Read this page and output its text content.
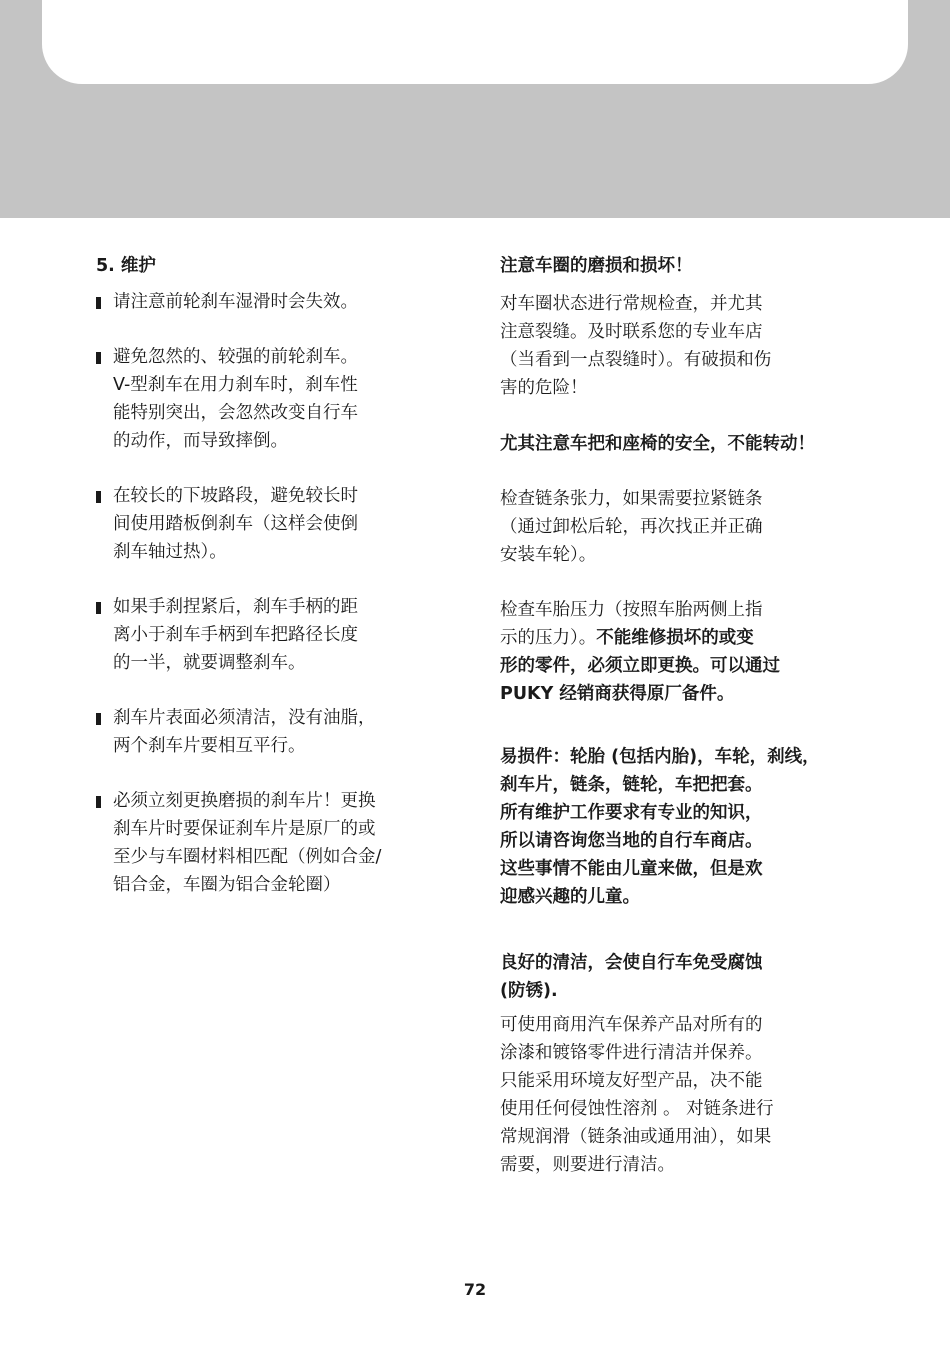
5. 维护
请注意前轮刹车湿滑时会失效。
避免忽然的、较强的前轮刹车。
V-型刹车在用力刹车时，刹车性
能特别突出，会忽然改变自行车
的动作，而导致摔倒。
在较长的下坡路段，避免较长时
间使用踏板倒刹车（这样会使倒
刹车轴过热）。
如果手刹捏紧后，刹车手柄的距
离小于刹车手柄到车把路径长度
的一半，就要调整刹车。
刹车片表面必须清洁，没有油脂，
两个刹车片要相互平行。
必须立刻更换磨损的刹车片！更换
刹车片时要保证刹车片是原厂的或
至少与车圈材料相匹配（例如合金/
铝合金，车圈为铝合金轮圈）
注意车圈的磨损和损坏！
对车圈状态进行常规检查，并尤其
注意裂缝。及时联系您的专业车店
（当看到一点裂缝时）。有破损和伤
害的危险！
尤其注意车把和座椅的安全，不能转动！
检查链条张力，如果需要拉紧链条
（通过卸松后轮，再次找正并正确
安装车轮）。
检查车胎压力（按照车胎两侧上指
示的压力）。不能维修损坏的或变
形的零件，必须立即更换。可以通过
PUKY 经销商获得原厂备件。
易损件：轮胎 (包括内胎)，车轮，刹线，
刹车片，链条，链轮，车把把套。
所有维护工作要求有专业的知识，
所以请咨询您当地的自行车商店。
这些事情不能由儿童来做，但是欢
迎感兴趣的儿童。
良好的清洁，会使自行车免受腐蚀
(防锈).
可使用商用汽车保养产品对所有的
涂漆和镀铬零件进行清洁并保养。
只能采用环境友好型产品，决不能
使用任何侵蚀性溶剂 。 对链条进行
常规润滑（链条油或通用油），如果
需要，则要进行清洁。
72
